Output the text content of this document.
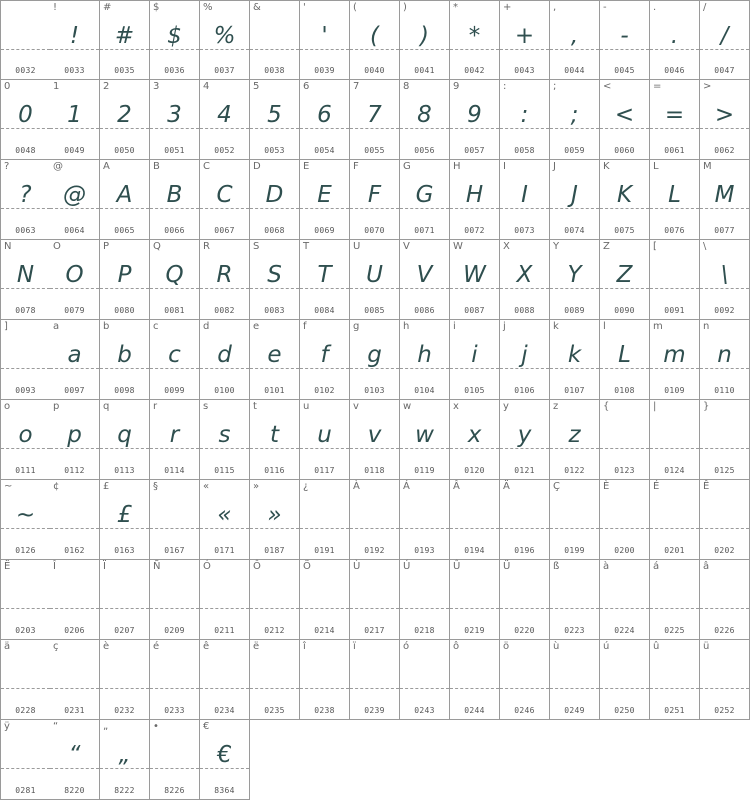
0032
!
!
0033
#
#
0035
$
$
0036
%
%
0037
&
0038
'
'
0039
(
(
0040
)
)
0041
*
*
0042
+
+
0043
,
,
0044
-
-
0045
.
.
0046
/
/
0047
0
0
0048
1
1
0049
2
2
0050
3
3
0051
4
4
0052
5
5
0053
6
6
0054
7
7
0055
8
8
0056
9
9
0057
:
:
0058
;
;
0059
<
<
0060
=
=
0061
>
>
0062
?
?
0063
@
@
0064
A
A
0065
B
B
0066
C
C
0067
D
D
0068
E
E
0069
F
F
0070
G
G
0071
H
H
0072
I
I
0073
J
J
0074
K
K
0075
L
L
0076
M
M
0077
N
N
0078
O
O
0079
P
P
0080
Q
Q
0081
R
R
0082
S
S
0083
T
T
0084
U
U
0085
V
V
0086
W
W
0087
X
X
0088
Y
Y
0089
Z
Z
0090
[
0091
\
\
0092
]
0093
a
a
0097
b
b
0098
c
c
0099
d
d
0100
e
e
0101
f
f
0102
g
g
0103
h
h
0104
i
i
0105
j
j
0106
k
k
0107
l
L
0108
m
m
0109
n
n
0110
o
o
0111
p
p
0112
q
q
0113
r
r
0114
s
s
0115
t
t
0116
u
u
0117
v
v
0118
w
w
0119
x
x
0120
y
y
0121
z
z
0122
{
0123
|
0124
}
0125
~
~
0126
¢
0162
£
£
0163
§
0167
«
«
0171
»
»
0187
¿
0191
À
0192
Á
0193
Â
0194
Ä
0196
Ç
0199
È
0200
É
0201
Ê
0202
Ë
0203
Î
0206
Ï
0207
Ñ
0209
Ó
0211
Ô
0212
Ö
0214
Ù
0217
Ú
0218
Û
0219
Ü
0220
ß
0223
à
0224
á
0225
â
0226
ä
0228
ç
0231
è
0232
é
0233
ê
0234
ë
0235
î
0238
ï
0239
ó
0243
ô
0244
ö
0246
ù
0249
ú
0250
û
0251
ü
0252
ÿ
0281
“
“
8220
„
„
8222
•
8226
€
€
8364
